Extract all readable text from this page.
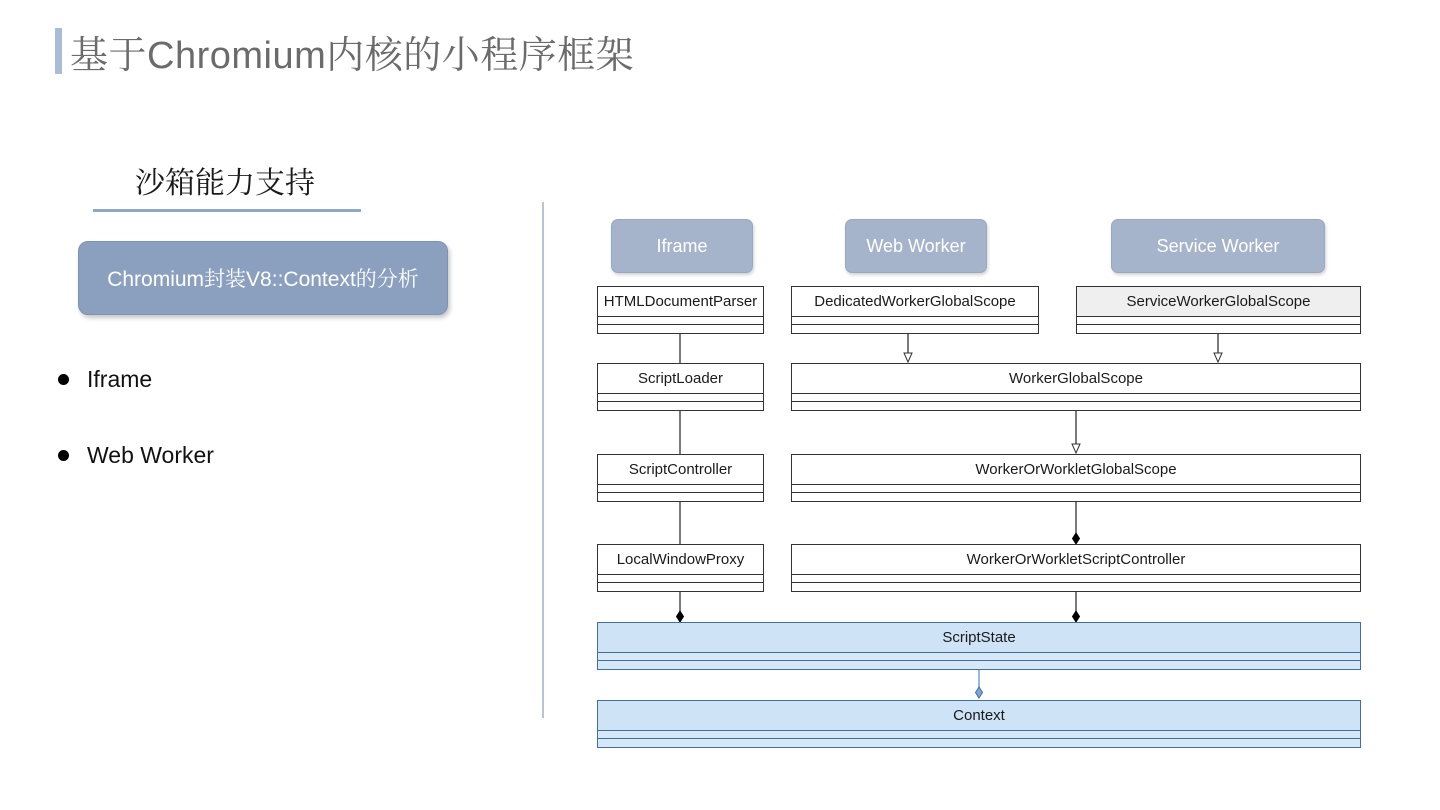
基于Chromium内核的小程序框架
沙箱能力支持
Chromium封装V8::Context的分析
Iframe
Web Worker
Iframe	Web Worker	Service Worker
HTMLDocumentParser	DedicatedWorkerGlobalScope	ServiceWorkerGlobalScope
ScriptLoader	WorkerGlobalScope
ScriptController	WorkerOrWorkletGlobalScope
LocalWindowProxy	WorkerOrWorkletScriptController
ScriptState
Context
